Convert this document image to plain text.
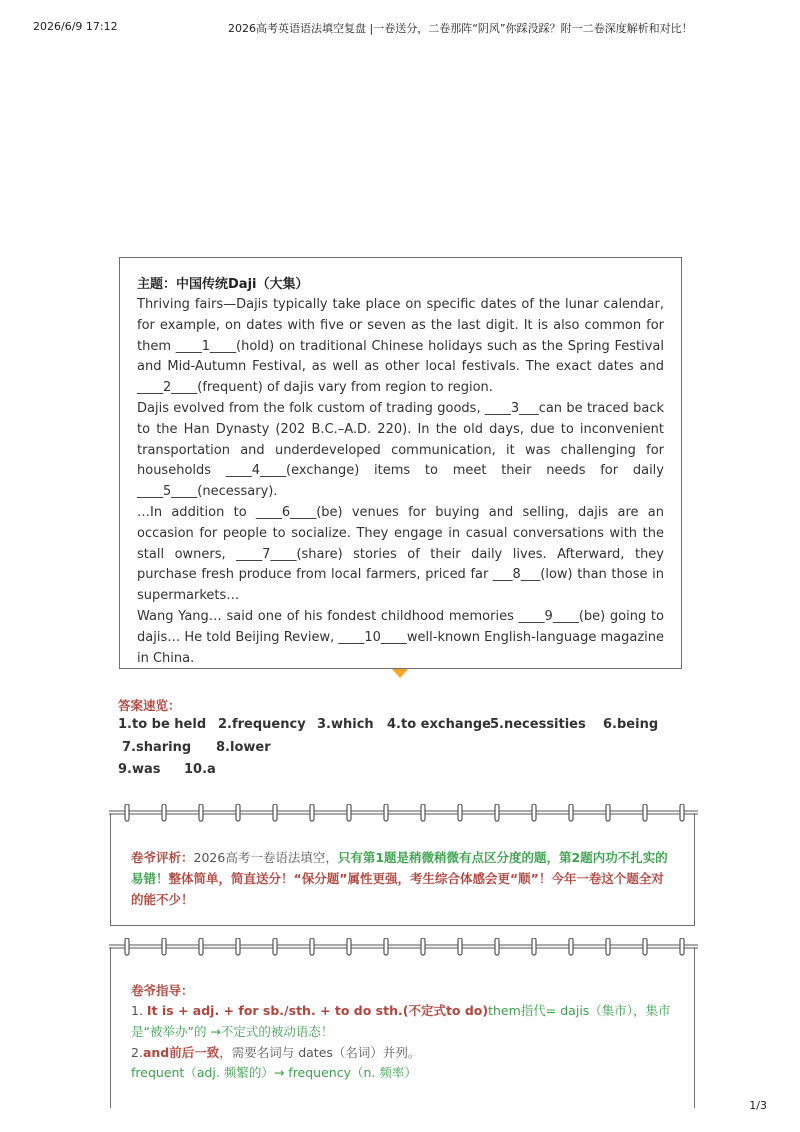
2026/6/9 17:12	2026高考英语语法填空复盘 |一卷送分，二卷那阵“阴风”你踩没踩？附一二卷深度解析和对比！
主题：中国传统Daji（大集）

Thriving fairs—Dajis typically take place on specific dates of the lunar calendar, for example, on dates with five or seven as the last digit. It is also common for them ____1____(hold) on traditional Chinese holidays such as the Spring Festival and Mid-Autumn Festival, as well as other local festivals. The exact dates and ____2____(frequent) of dajis vary from region to region.

Dajis evolved from the folk custom of trading goods, ____3___can be traced back to the Han Dynasty (202 B.C.–A.D. 220). In the old days, due to inconvenient transportation and underdeveloped communication, it was challenging for households ____4____(exchange) items to meet their needs for daily ____5____(necessary).

…In addition to ____6____(be) venues for buying and selling, dajis are an occasion for people to socialize. They engage in casual conversations with the stall owners, ____7____(share) stories of their daily lives. Afterward, they purchase fresh produce from local farmers, priced far ___8___(low) than those in supermarkets…

Wang Yang… said one of his fondest childhood memories ____9____(be) going to dajis… He told Beijing Review, ____10____well-known English-language magazine in China.

答案速览：
1.to be held 2.frequency 3.which 4.to exchange5.necessities 6.being
7.sharing 8.lower
9.was 10.a
卷爷评析：2026高考一卷语法填空，只有第1题是稍微稍微有点区分度的题，第2题内功不扎实的易错！整体简单，简直送分！“保分题”属性更强，考生综合体感会更“顺”！今年一卷这个题全对的能不少！
卷爷指导：
1. It is + adj. + for sb./sth. + to do sth.(不定式to do)them指代= dajis（集市），集市是“被举办”的 →不定式的被动语态！
2.and前后一致，需要名词与 dates（名词）并列。
frequent（adj. 频繁的）→ frequency（n. 频率）
1/3
